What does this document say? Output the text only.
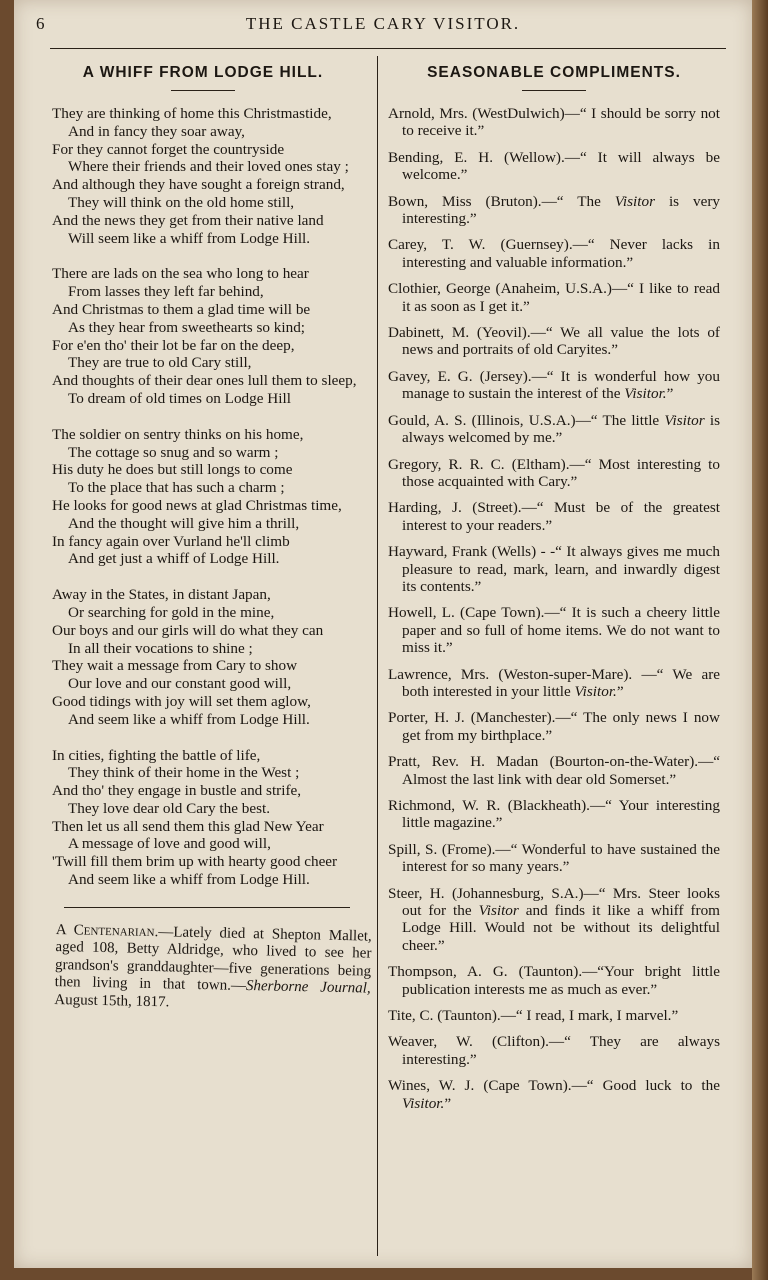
6	THE CASTLE CARY VISITOR.
A WHIFF FROM LODGE HILL.
They are thinking of home this Christmastide,
And in fancy they soar away,
For they cannot forget the countryside
Where their friends and their loved ones stay ;
And although they have sought a foreign strand,
They will think on the old home still,
And the news they get from their native land
Will seem like a whiff from Lodge Hill.
There are lads on the sea who long to hear
From lasses they left far behind,
And Christmas to them a glad time will be
As they hear from sweethearts so kind;
For e'en tho' their lot be far on the deep,
They are true to old Cary still,
And thoughts of their dear ones lull them to sleep,
To dream of old times on Lodge Hill
The soldier on sentry thinks on his home,
The cottage so snug and so warm ;
His duty he does but still longs to come
To the place that has such a charm ;
He looks for good news at glad Christmas time,
And the thought will give him a thrill,
In fancy again over Vurland he'll climb
And get just a whiff of Lodge Hill.
Away in the States, in distant Japan,
Or searching for gold in the mine,
Our boys and our girls will do what they can
In all their vocations to shine ;
They wait a message from Cary to show
Our love and our constant good will,
Good tidings with joy will set them aglow,
And seem like a whiff from Lodge Hill.
In cities, fighting the battle of life,
They think of their home in the West ;
And tho' they engage in bustle and strife,
They love dear old Cary the best.
Then let us all send them this glad New Year
A message of love and good will,
'Twill fill them brim up with hearty good cheer
And seem like a whiff from Lodge Hill.
A Centenarian.—Lately died at Shepton Mallet, aged 108, Betty Aldridge, who lived to see her grandson's granddaughter—five generations being then living in that town.—Sherborne Journal, August 15th, 1817.
SEASONABLE COMPLIMENTS.
Arnold, Mrs. (WestDulwich)—“ I should be sorry not to receive it.”
Bending, E. H. (Wellow).—“ It will always be welcome.”
Bown, Miss (Bruton).—“ The Visitor is very interesting.”
Carey, T. W. (Guernsey).—“ Never lacks in interesting and valuable information.”
Clothier, George (Anaheim, U.S.A.)—“ I like to read it as soon as I get it.”
Dabinett, M. (Yeovil).—“ We all value the lots of news and portraits of old Caryites.”
Gavey, E. G. (Jersey).—“ It is wonderful how you manage to sustain the interest of the Visitor.”
Gould, A. S. (Illinois, U.S.A.)—“ The little Visitor is always welcomed by me.”
Gregory, R. R. C. (Eltham).—“ Most interesting to those acquainted with Cary.”
Harding, J. (Street).—“ Must be of the greatest interest to your readers.”
Hayward, Frank (Wells) - -“ It always gives me much pleasure to read, mark, learn, and inwardly digest its contents.”
Howell, L. (Cape Town).—“ It is such a cheery little paper and so full of home items. We do not want to miss it.”
Lawrence, Mrs. (Weston-super-Mare). —“ We are both interested in your little Visitor.”
Porter, H. J. (Manchester).—“ The only news I now get from my birthplace.”
Pratt, Rev. H. Madan (Bourton-on-the-Water).—“ Almost the last link with dear old Somerset.”
Richmond, W. R. (Blackheath).—“ Your interesting little magazine.”
Spill, S. (Frome).—“ Wonderful to have sustained the interest for so many years.”
Steer, H. (Johannesburg, S.A.)—“ Mrs. Steer looks out for the Visitor and finds it like a whiff from Lodge Hill. Would not be without its delightful cheer.”
Thompson, A. G. (Taunton).—“Your bright little publication interests me as much as ever.”
Tite, C. (Taunton).—“ I read, I mark, I marvel.”
Weaver, W. (Clifton).—“ They are always interesting.”
Wines, W. J. (Cape Town).—“ Good luck to the Visitor.”
